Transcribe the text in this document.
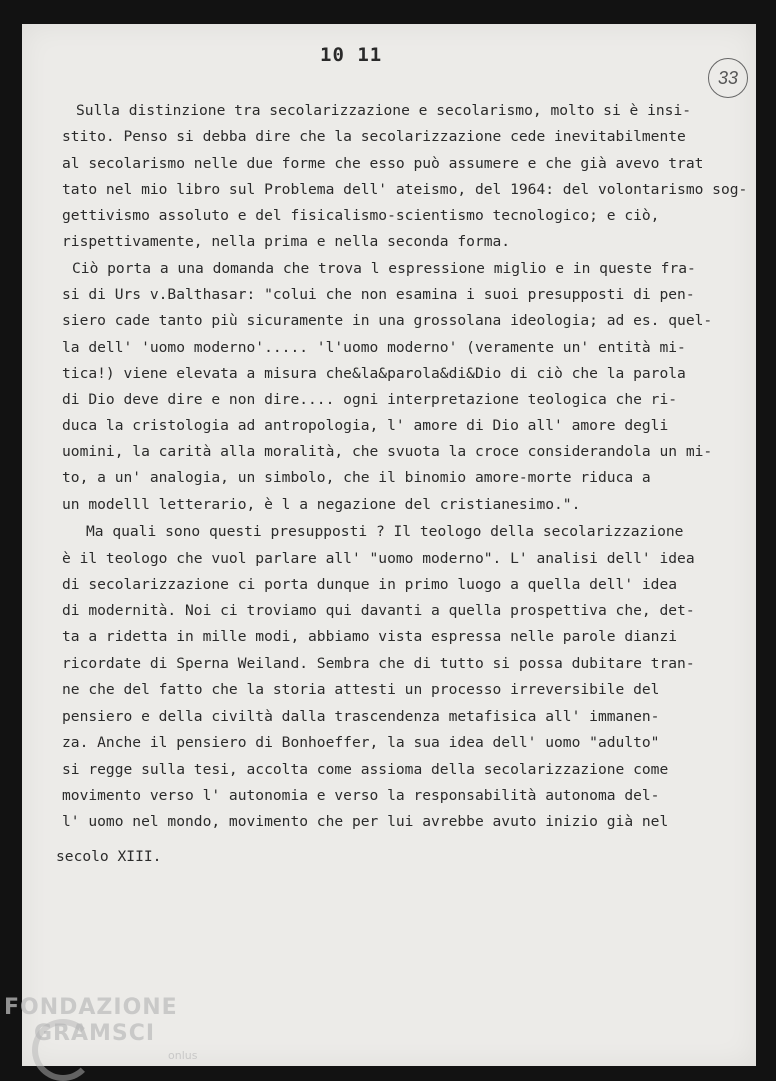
10 11
33
Sulla distinzione tra secolarizzazione e secolarismo, molto si è insi-
stito. Penso si debba dire che la secolarizzazione cede inevitabilmente
al secolarismo nelle due forme che esso può assumere e che già avevo trat
tato nel mio libro sul Problema dell' ateismo, del 1964: del volontarismo sog-
gettivismo assoluto e del fisicalismo-scientismo tecnologico; e ciò,
rispettivamente, nella prima e nella seconda forma.
Ciò porta a una domanda che trova l espressione miglio e in queste fra-
si di Urs v.Balthasar: "colui che non esamina i suoi presupposti di pen-
siero cade tanto più sicuramente in una grossolana ideologia; ad es. quel-
la dell' 'uomo moderno'..... 'l'uomo moderno' (veramente un' entità mi-
tica!) viene elevata a misura che&la&parola&di&Dio di ciò che la parola
di Dio deve dire e non dire.... ogni interpretazione teologica che ri-
duca la cristologia ad antropologia, l' amore di Dio all' amore degli
uomini, la carità alla moralità, che svuota la croce considerandola un mi-
to, a un' analogia, un simbolo, che il binomio amore-morte riduca a
un modelll letterario, è l a negazione del cristianesimo.".
Ma quali sono questi presupposti ? Il teologo della secolarizzazione
è il teologo che vuol parlare all' "uomo moderno". L' analisi dell' idea
di secolarizzazione ci porta dunque in primo luogo a quella dell' idea
di modernità. Noi ci troviamo qui davanti a quella prospettiva che, det-
ta a ridetta in mille modi, abbiamo vista espressa nelle parole dianzi
ricordate di Sperna Weiland. Sembra che di tutto si possa dubitare tran-
ne che del fatto che la storia attesti un processo irreversibile del
pensiero e della civiltà dalla trascendenza metafisica all' immanen-
za. Anche il pensiero di Bonhoeffer, la sua idea dell' uomo "adulto"
si regge sulla tesi, accolta come assioma della secolarizzazione come
movimento verso l' autonomia e verso la responsabilità autonoma del-
l' uomo nel mondo, movimento che per lui avrebbe avuto inizio già nel
secolo XIII.
FONDAZIONE
GRAMSCI
onlus
